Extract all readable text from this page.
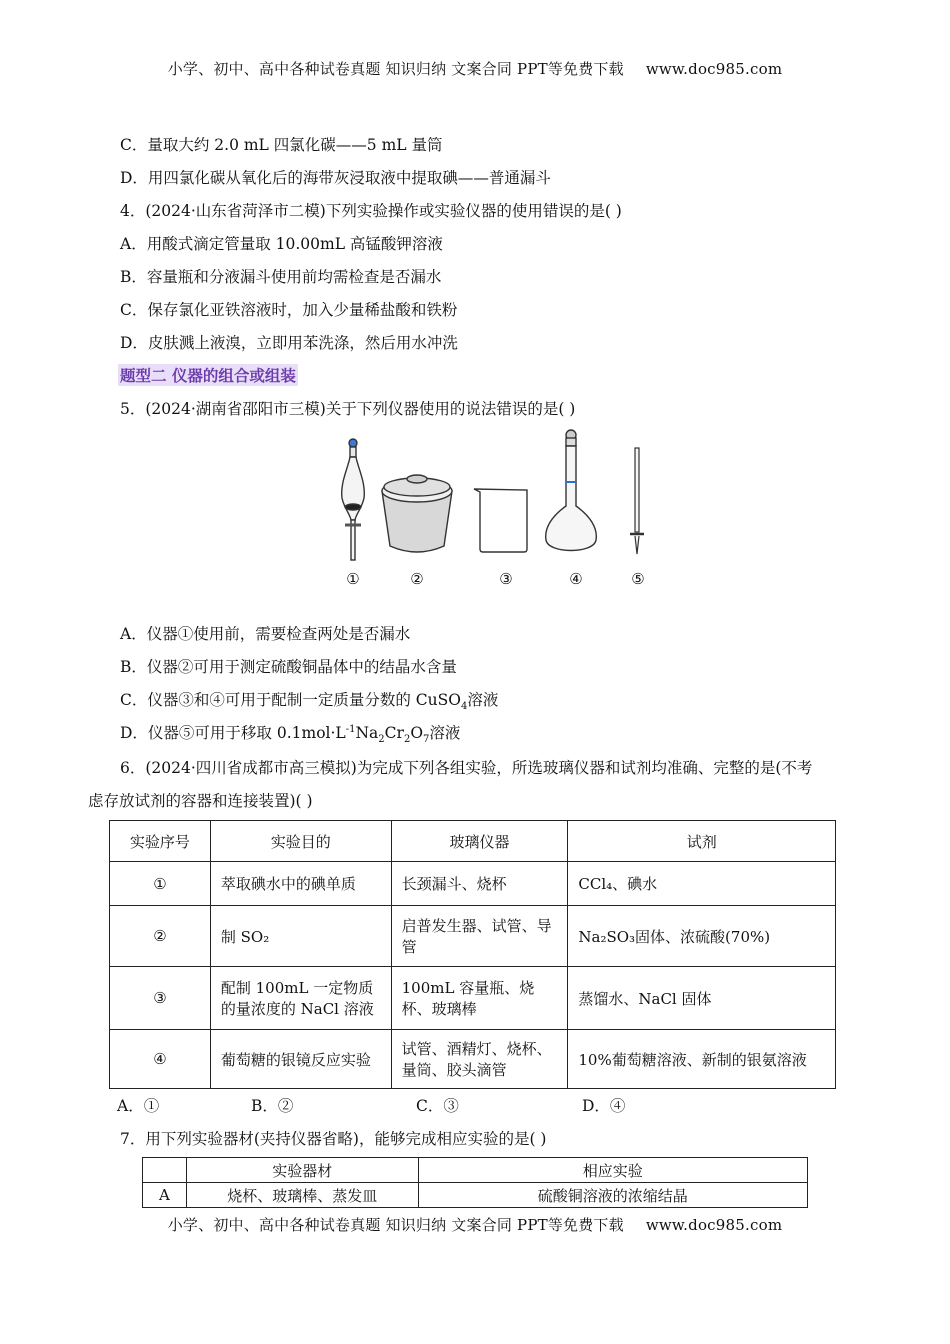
小学、初中、高中各种试卷真题 知识归纳 文案合同 PPT等免费下载 www.doc985.com
C．量取大约 2.0 mL 四氯化碳——5 mL 量筒
D．用四氯化碳从氧化后的海带灰浸取液中提取碘——普通漏斗
4．(2024·山东省菏泽市二模)下列实验操作或实验仪器的使用错误的是( )
A．用酸式滴定管量取 10.00mL 高锰酸钾溶液
B．容量瓶和分液漏斗使用前均需检查是否漏水
C．保存氯化亚铁溶液时，加入少量稀盐酸和铁粉
D．皮肤溅上液溴，立即用苯洗涤，然后用水冲洗
题型二 仪器的组合或组装
5．(2024·湖南省邵阳市三模)关于下列仪器使用的说法错误的是( )
①	②	③	④	⑤
A．仪器①使用前，需要检查两处是否漏水
B．仪器②可用于测定硫酸铜晶体中的结晶水含量
C．仪器③和④可用于配制一定质量分数的 CuSO$_4$溶液
D．仪器⑤可用于移取 $0.1mol\cdot L^{-1}Na_2Cr_2O_7$溶液
6．(2024·四川省成都市高三模拟)为完成下列各组实验，所选玻璃仪器和试剂均准确、完整的是(不考
虑存放试剂的容器和连接装置)( )
实验序号	实验目的	玻璃仪器	试剂
①	萃取碘水中的碘单质	长颈漏斗、烧杯	CCl₄、碘水
②	制 SO₂	启普发生器、试管、导管	Na₂SO₃固体、浓硫酸(70%)
③	配制 100mL 一定物质的量浓度的 NaCl 溶液	100mL 容量瓶、烧杯、玻璃棒	蒸馏水、NaCl 固体
④	葡萄糖的银镜反应实验	试管、酒精灯、烧杯、量筒、胶头滴管	10%葡萄糖溶液、新制的银氨溶液
A．①	B．②	C．③	D．④
7．用下列实验器材(夹持仪器省略)，能够完成相应实验的是( )
	实验器材	相应实验
A	烧杯、玻璃棒、蒸发皿	硫酸铜溶液的浓缩结晶
小学、初中、高中各种试卷真题 知识归纳 文案合同 PPT等免费下载 www.doc985.com
